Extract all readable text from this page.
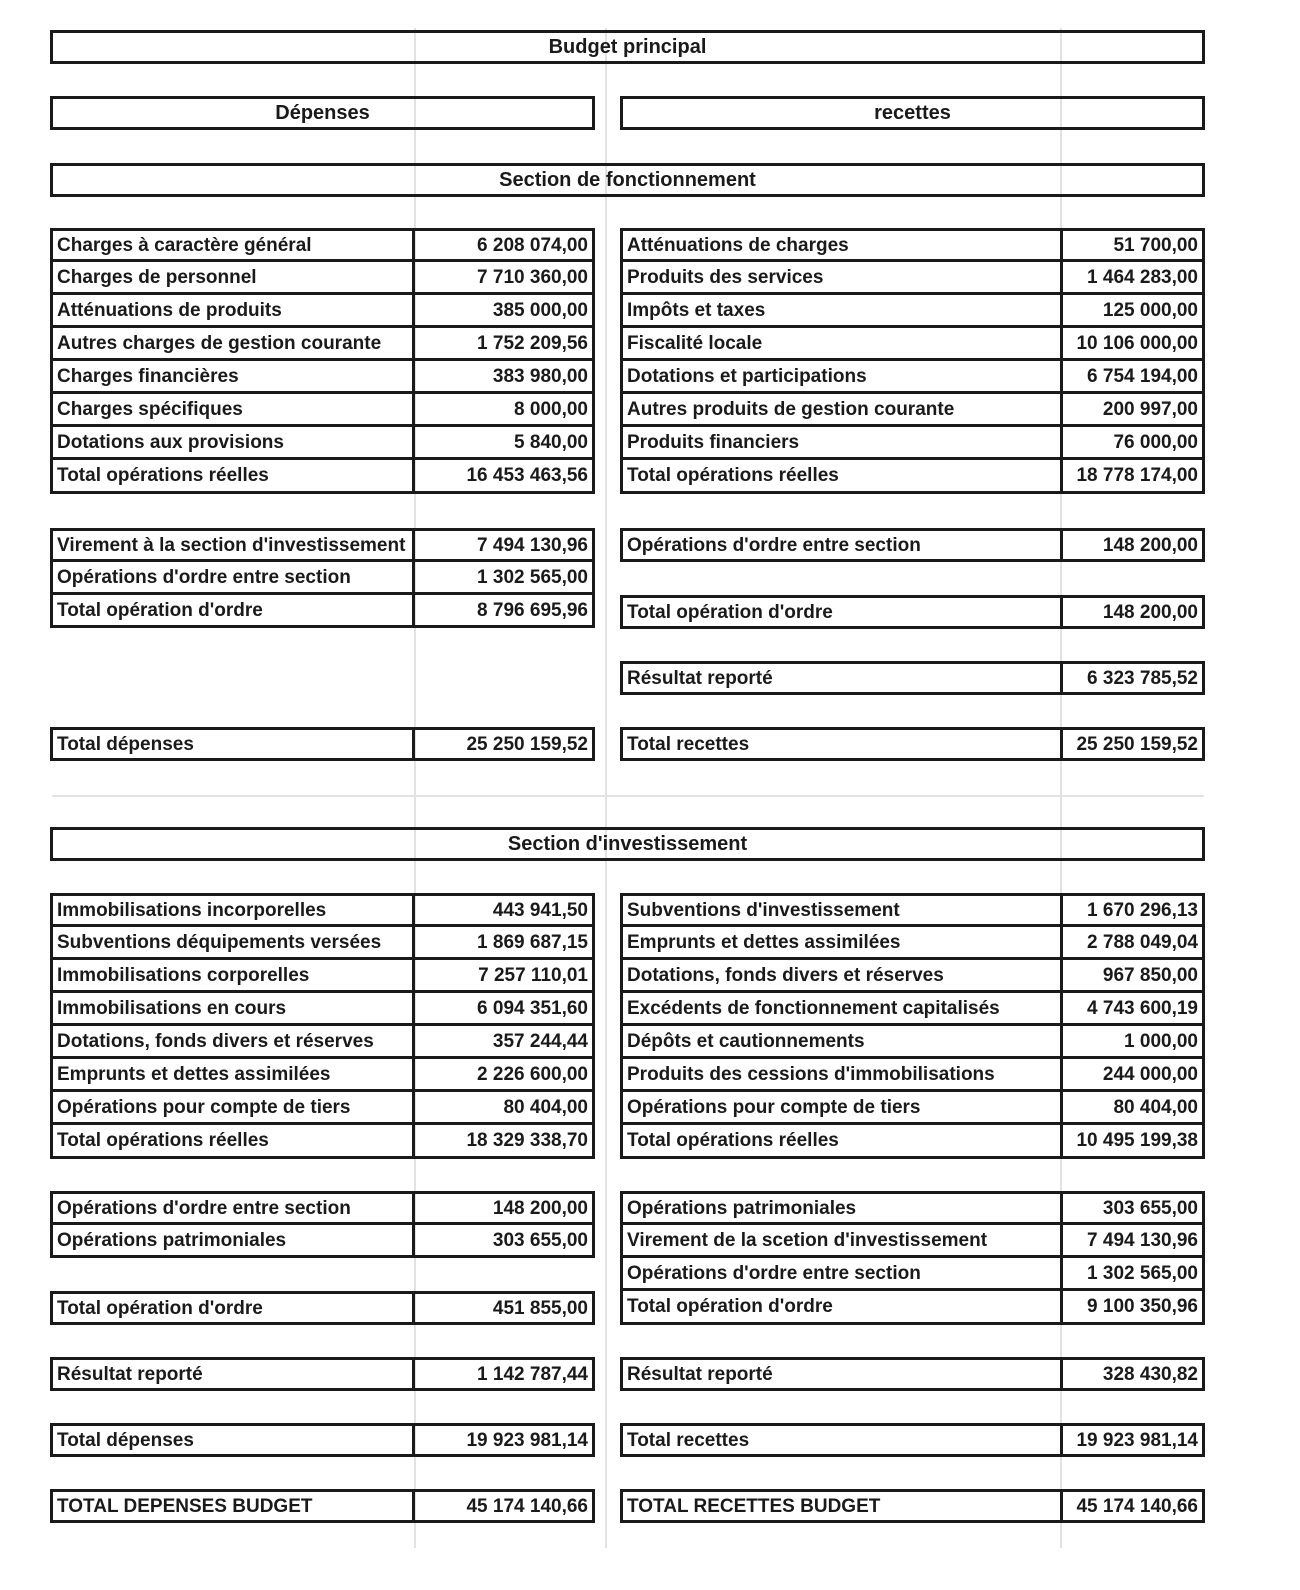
Budget principal
Dépenses	recettes
Section de fonctionnement
Charges à caractère général	6 208 074,00
Charges de personnel	7 710 360,00
Atténuations de produits	385 000,00
Autres charges de gestion courante	1 752 209,56
Charges financières	383 980,00
Charges spécifiques	8 000,00
Dotations aux provisions	5 840,00
Total opérations réelles	16 453 463,56
Atténuations de charges	51 700,00
Produits des services	1 464 283,00
Impôts et taxes	125 000,00
Fiscalité locale	10 106 000,00
Dotations et participations	6 754 194,00
Autres produits de gestion courante	200 997,00
Produits financiers	76 000,00
Total opérations réelles	18 778 174,00
Virement à la section d'investissement	7 494 130,96
Opérations d'ordre entre section	1 302 565,00
Total opération d'ordre	8 796 695,96
Opérations d'ordre entre section	148 200,00
Total opération d'ordre	148 200,00
Résultat reporté	6 323 785,52
Total dépenses	25 250 159,52	Total recettes	25 250 159,52
Section d'investissement
Immobilisations incorporelles	443 941,50
Subventions déquipements versées	1 869 687,15
Immobilisations corporelles	7 257 110,01
Immobilisations en cours	6 094 351,60
Dotations, fonds divers et réserves	357 244,44
Emprunts et dettes assimilées	2 226 600,00
Opérations pour compte de tiers	80 404,00
Total opérations réelles	18 329 338,70
Subventions d'investissement	1 670 296,13
Emprunts et dettes assimilées	2 788 049,04
Dotations, fonds divers et réserves	967 850,00
Excédents de fonctionnement capitalisés	4 743 600,19
Dépôts et cautionnements	1 000,00
Produits des cessions d'immobilisations	244 000,00
Opérations pour compte de tiers	80 404,00
Total opérations réelles	10 495 199,38
Opérations d'ordre entre section	148 200,00
Opérations patrimoniales	303 655,00
Total opération d'ordre	451 855,00
Opérations patrimoniales	303 655,00
Virement de la scetion d'investissement	7 494 130,96
Opérations d'ordre entre section	1 302 565,00
Total opération d'ordre	9 100 350,96
Résultat reporté	1 142 787,44	Résultat reporté	328 430,82
Total dépenses	19 923 981,14	Total recettes	19 923 981,14
TOTAL DEPENSES BUDGET	45 174 140,66	TOTAL RECETTES BUDGET	45 174 140,66
